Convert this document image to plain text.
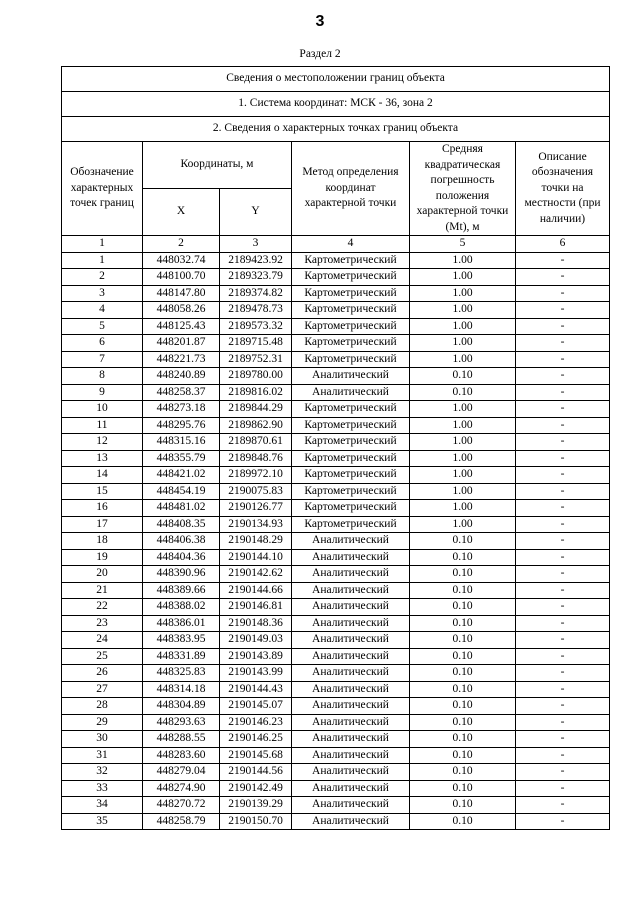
3
Раздел 2
Сведения о местоположении границ объекта					
1. Система координат: МСК - 36, зона 2					
2. Сведения о характерных точках границ объекта					
Обозначение характерных точек границ	Координаты, м		Метод определения координат характерной точки	Средняя квадратическая погрешность положения характерной точки (Mt), м	Описание обозначения точки на местности (при наличии)
	X	Y			
1	2	3	4	5	6
1	448032.74	2189423.92	Картометрический	1.00	-
2	448100.70	2189323.79	Картометрический	1.00	-
3	448147.80	2189374.82	Картометрический	1.00	-
4	448058.26	2189478.73	Картометрический	1.00	-
5	448125.43	2189573.32	Картометрический	1.00	-
6	448201.87	2189715.48	Картометрический	1.00	-
7	448221.73	2189752.31	Картометрический	1.00	-
8	448240.89	2189780.00	Аналитический	0.10	-
9	448258.37	2189816.02	Аналитический	0.10	-
10	448273.18	2189844.29	Картометрический	1.00	-
11	448295.76	2189862.90	Картометрический	1.00	-
12	448315.16	2189870.61	Картометрический	1.00	-
13	448355.79	2189848.76	Картометрический	1.00	-
14	448421.02	2189972.10	Картометрический	1.00	-
15	448454.19	2190075.83	Картометрический	1.00	-
16	448481.02	2190126.77	Картометрический	1.00	-
17	448408.35	2190134.93	Картометрический	1.00	-
18	448406.38	2190148.29	Аналитический	0.10	-
19	448404.36	2190144.10	Аналитический	0.10	-
20	448390.96	2190142.62	Аналитический	0.10	-
21	448389.66	2190144.66	Аналитический	0.10	-
22	448388.02	2190146.81	Аналитический	0.10	-
23	448386.01	2190148.36	Аналитический	0.10	-
24	448383.95	2190149.03	Аналитический	0.10	-
25	448331.89	2190143.89	Аналитический	0.10	-
26	448325.83	2190143.99	Аналитический	0.10	-
27	448314.18	2190144.43	Аналитический	0.10	-
28	448304.89	2190145.07	Аналитический	0.10	-
29	448293.63	2190146.23	Аналитический	0.10	-
30	448288.55	2190146.25	Аналитический	0.10	-
31	448283.60	2190145.68	Аналитический	0.10	-
32	448279.04	2190144.56	Аналитический	0.10	-
33	448274.90	2190142.49	Аналитический	0.10	-
34	448270.72	2190139.29	Аналитический	0.10	-
35	448258.79	2190150.70	Аналитический	0.10	-
